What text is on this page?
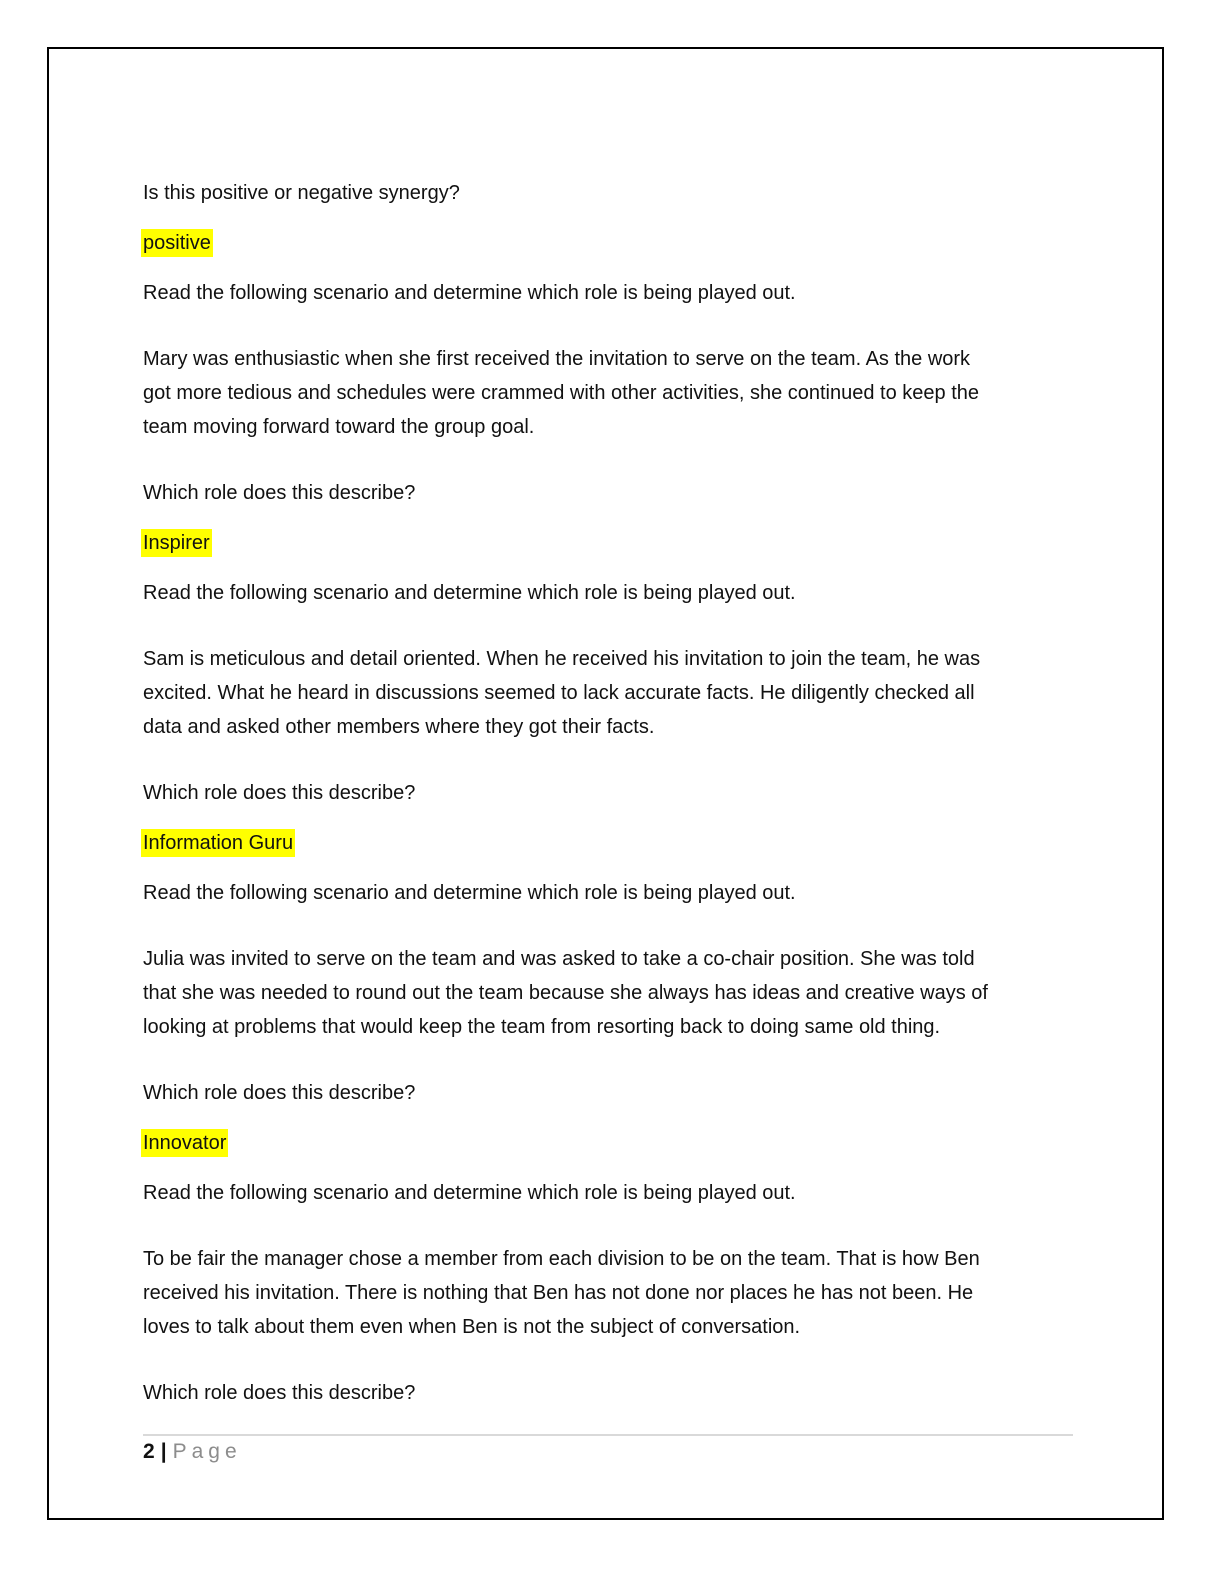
Is this positive or negative synergy?

positive

Read the following scenario and determine which role is being played out.

Mary was enthusiastic when she first received the invitation to serve on the team. As the work

got more tedious and schedules were crammed with other activities, she continued to keep the

team moving forward toward the group goal.

Which role does this describe?

Inspirer

Read the following scenario and determine which role is being played out.

Sam is meticulous and detail oriented. When he received his invitation to join the team, he was

excited. What he heard in discussions seemed to lack accurate facts. He diligently checked all

data and asked other members where they got their facts.

Which role does this describe?

Information Guru

Read the following scenario and determine which role is being played out.

Julia was invited to serve on the team and was asked to take a co-chair position. She was told

that she was needed to round out the team because she always has ideas and creative ways of

looking at problems that would keep the team from resorting back to doing same old thing.

Which role does this describe?

Innovator

Read the following scenario and determine which role is being played out.

To be fair the manager chose a member from each division to be on the team. That is how Ben

received his invitation. There is nothing that Ben has not done nor places he has not been. He

loves to talk about them even when Ben is not the subject of conversation.

Which role does this describe?

2 | Page
